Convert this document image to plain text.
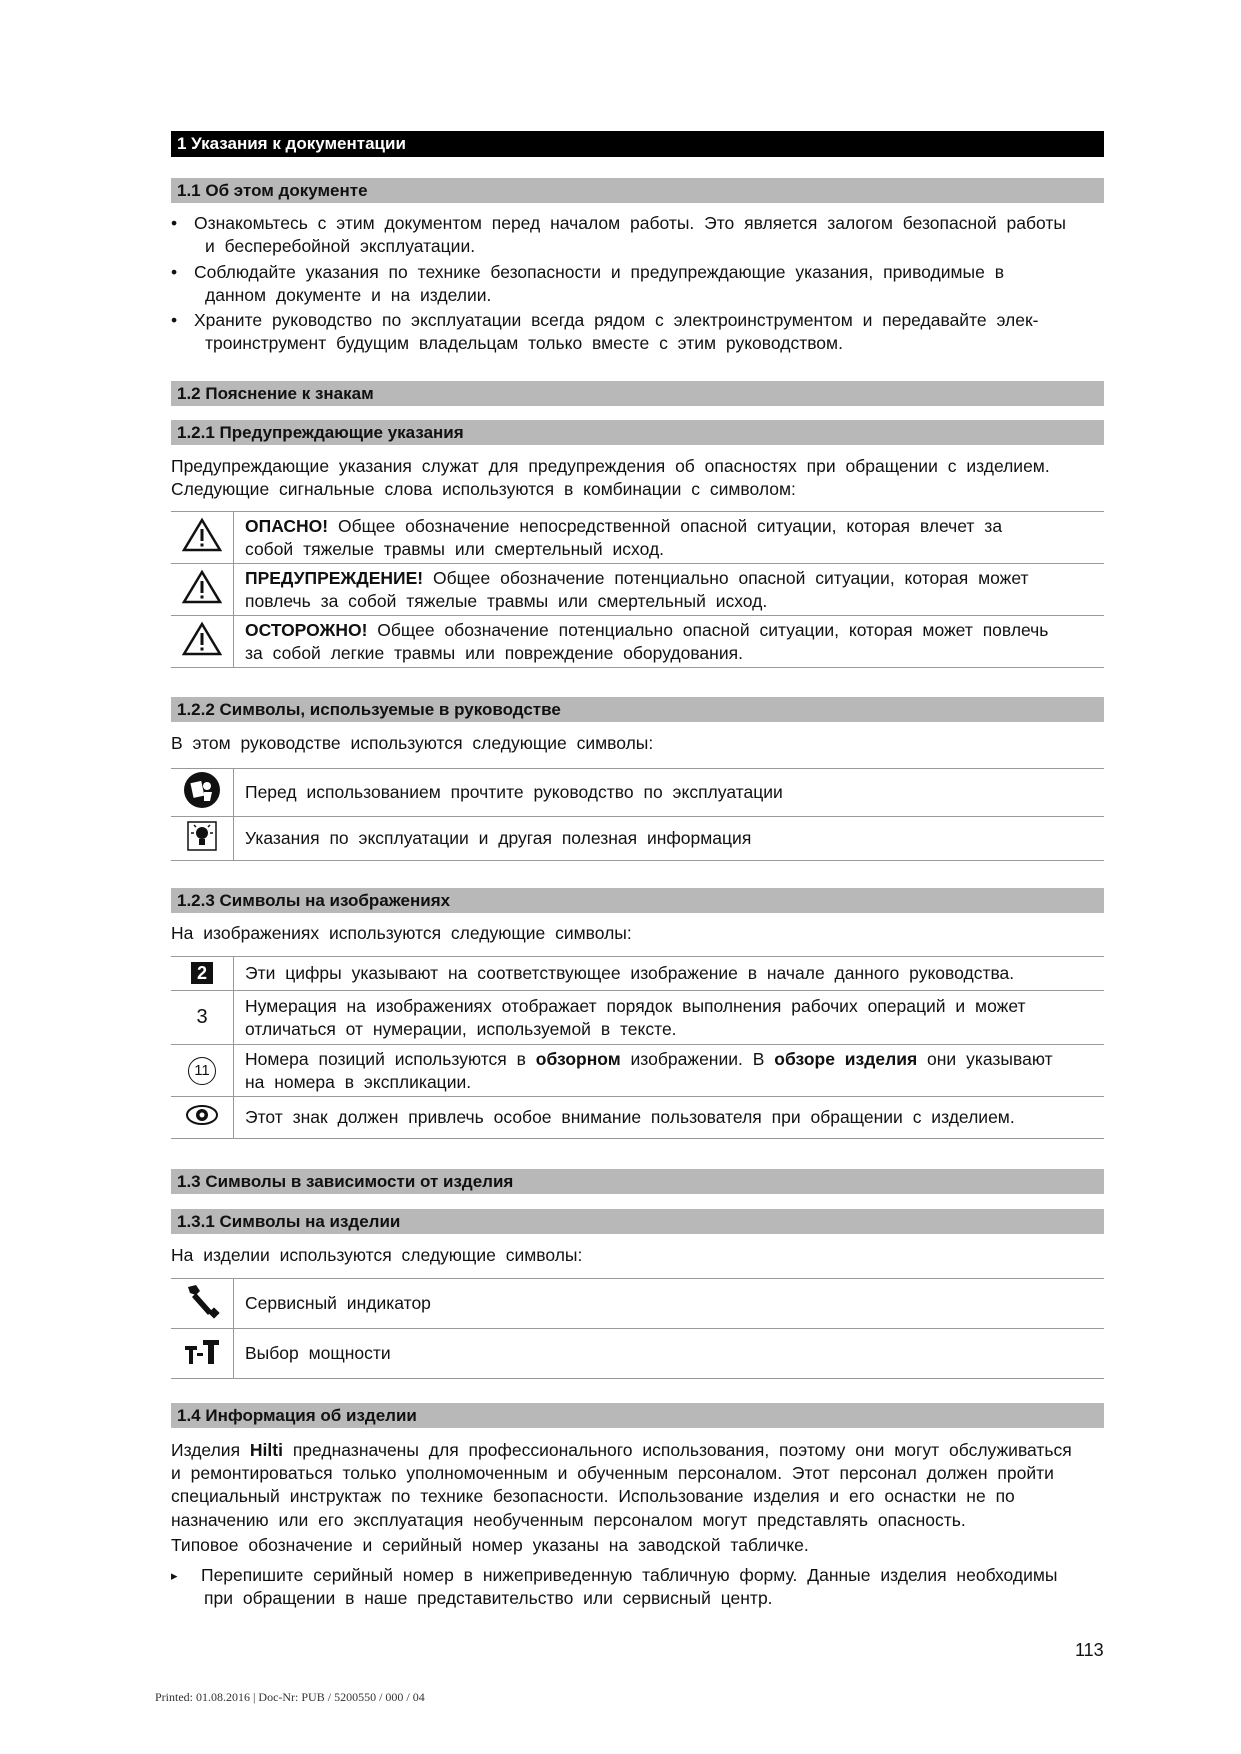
1 Указания к документации
1.1 Об этом документе
• Ознакомьтесь с этим документом перед началом работы. Это является залогом безопасной работы
и бесперебойной эксплуатации.
• Соблюдайте указания по технике безопасности и предупреждающие указания, приводимые в
данном документе и на изделии.
• Храните руководство по эксплуатации всегда рядом с электроинструментом и передавайте элек-
троинструмент будущим владельцам только вместе с этим руководством.
1.2 Пояснение к знакам
1.2.1 Предупреждающие указания
Предупреждающие указания служат для предупреждения об опасностях при обращении с изделием.
Следующие сигнальные слова используются в комбинации с символом:
	ОПАСНО! Общее обозначение непосредственной опасной ситуации, которая влечет за
собой тяжелые травмы или смертельный исход.
	ПРЕДУПРЕЖДЕНИЕ! Общее обозначение потенциально опасной ситуации, которая может
повлечь за собой тяжелые травмы или смертельный исход.
	ОСТОРОЖНО! Общее обозначение потенциально опасной ситуации, которая может повлечь
за собой легкие травмы или повреждение оборудования.
1.2.2 Символы, используемые в руководстве
В этом руководстве используются следующие символы:
	Перед использованием прочтите руководство по эксплуатации
	Указания по эксплуатации и другая полезная информация
1.2.3 Символы на изображениях
На изображениях используются следующие символы:
2	Эти цифры указывают на соответствующее изображение в начале данного руководства.
3	Нумерация на изображениях отображает порядок выполнения рабочих операций и может
отличаться от нумерации, используемой в тексте.
11	Номера позиций используются в обзорном изображении. В обзоре изделия они указывают
на номера в экспликации.
	Этот знак должен привлечь особое внимание пользователя при обращении с изделием.
1.3 Символы в зависимости от изделия
1.3.1 Символы на изделии
На изделии используются следующие символы:
	Сервисный индикатор
	Выбор мощности
1.4 Информация об изделии
Изделия Hilti предназначены для профессионального использования, поэтому они могут обслуживаться
и ремонтироваться только уполномоченным и обученным персоналом. Этот персонал должен пройти
специальный инструктаж по технике безопасности. Использование изделия и его оснастки не по
назначению или его эксплуатация необученным персоналом могут представлять опасность.
Типовое обозначение и серийный номер указаны на заводской табличке.
▸ Перепишите серийный номер в нижеприведенную табличную форму. Данные изделия необходимы
при обращении в наше представительство или сервисный центр.
113
Printed: 01.08.2016 | Doc-Nr: PUB / 5200550 / 000 / 04
